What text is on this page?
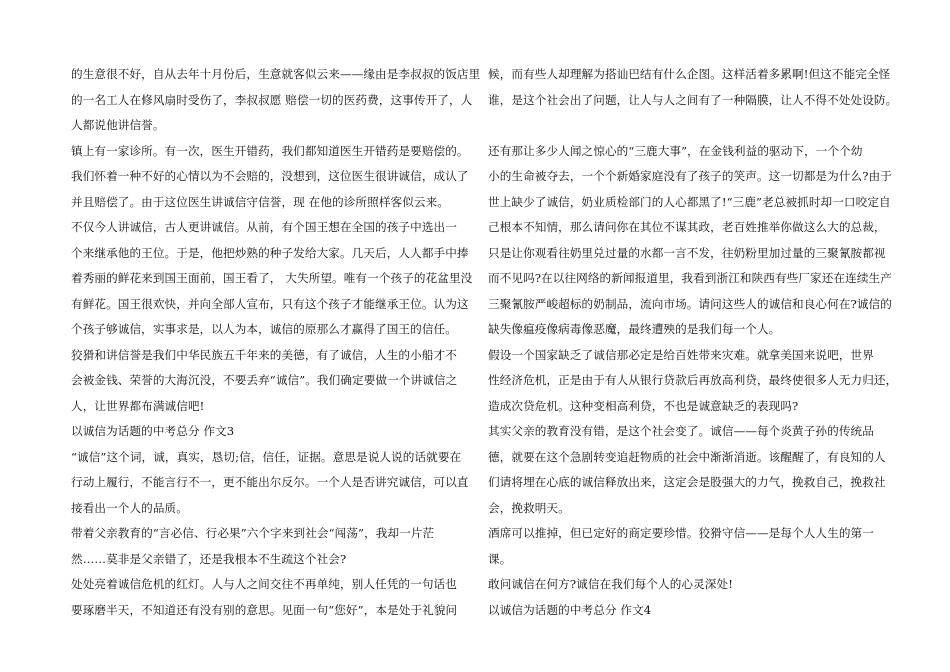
的生意很不好，自从去年十月份后，生意就客似云来——缘由是李叔叔的饭店里
的一名工人在修风扇时受伤了，李叔叔愿 赔偿一切的医药费，这事传开了，人
人都说他讲信誉。
镇上有一家诊所。有一次，医生开错药，我们都知道医生开错药是要赔偿的。
我们怀着一种不好的心情以为不会赔的，没想到，这位医生很讲诚信，成认了
并且赔偿了。由于这位医生讲诚信守信誉，现 在他的诊所照样客似云来。
不仅今人讲诚信，古人更讲诚信。从前，有个国王想在全国的孩子中选出一
个来继承他的王位。于是，他把炒熟的种子发给大家。几天后，人人都手中捧
着秀丽的鲜花来到国王面前，国王看了， 大失所望。唯有一个孩子的花盆里没
有鲜花。国王很欢快，并向全部人宣布，只有这个孩子才能继承王位。认为这
个孩子够诚信，实事求是，以人为本，诚信的原那么才赢得了国王的信任。
狡猾和讲信誉是我们中华民族五千年来的美德，有了诚信，人生的小船才不
会被金钱、荣誉的大海沉没，不要丢弃“诚信”。我们确定要做一个讲诚信之
人，让世界都布满诚信吧!
以诚信为话题的中考总分 作文3
“诚信”这个词，诚，真实，恳切;信，信任，证据。意思是说人说的话就要在
行动上履行，不能言行不一，更不能出尔反尔。一个人是否讲究诚信，可以直
接看出一个人的品质。
带着父亲教育的“言必信、行必果”六个字来到社会“闯荡”，我却一片茫
然……莫非是父亲错了，还是我根本不生疏这个社会?
处处亮着诚信危机的红灯。人与人之间交往不再单纯，别人任凭的一句话也
要琢磨半天，不知道还有没有别的意思。见面一句“您好”，本是处于礼貌问
候，而有些人却理解为搭讪巴结有什么企图。这样活着多累啊!但这不能完全怪
谁，是这个社会出了问题，让人与人之间有了一种隔膜，让人不得不处处设防。
还有那让多少人闻之惊心的“三鹿大事”，在金钱利益的驱动下，一个个幼
小的生命被夺去，一个个新婚家庭没有了孩子的笑声。这一切都是为什么?由于
世上缺少了诚信，奶业质检部门的人心都黑了!“三鹿”老总被抓时却一口咬定自
己根本不知情，那么请问你在其位不谋其政，老百姓推举你做这么大的总裁，
只是让你观看往奶里兑过量的水都一言不发，往奶粉里加过量的三聚氰胺都视
而不见吗?在以往网络的新闻报道里，我看到浙江和陕西有些厂家还在连续生产
三聚氰胺严峻超标的奶制品，流向市场。请问这些人的诚信和良心何在?诚信的
缺失像瘟疫像病毒像恶魔，最终遭殃的是我们每一个人。
假设一个国家缺乏了诚信那必定是给百姓带来灾难。就拿美国来说吧，世界
性经济危机，正是由于有人从银行贷款后再放高利贷，最终使很多人无力归还，
造成次贷危机。这种变相高利贷，不也是诚意缺乏的表现吗?
其实父亲的教育没有错，是这个社会变了。诚信——每个炎黄子孙的传统品
德，就要在这个急剧转变追赶物质的社会中渐渐消逝。该醒醒了，有良知的人
们请将埋在心底的诚信释放出来，这定会是股强大的力气，挽救自己，挽救社
会，挽救明天。
酒席可以推掉，但已定好的商定要珍惜。狡猾守信——是每个人人生的第一
课。
敢问诚信在何方?诚信在我们每个人的心灵深处!
以诚信为话题的中考总分 作文4
